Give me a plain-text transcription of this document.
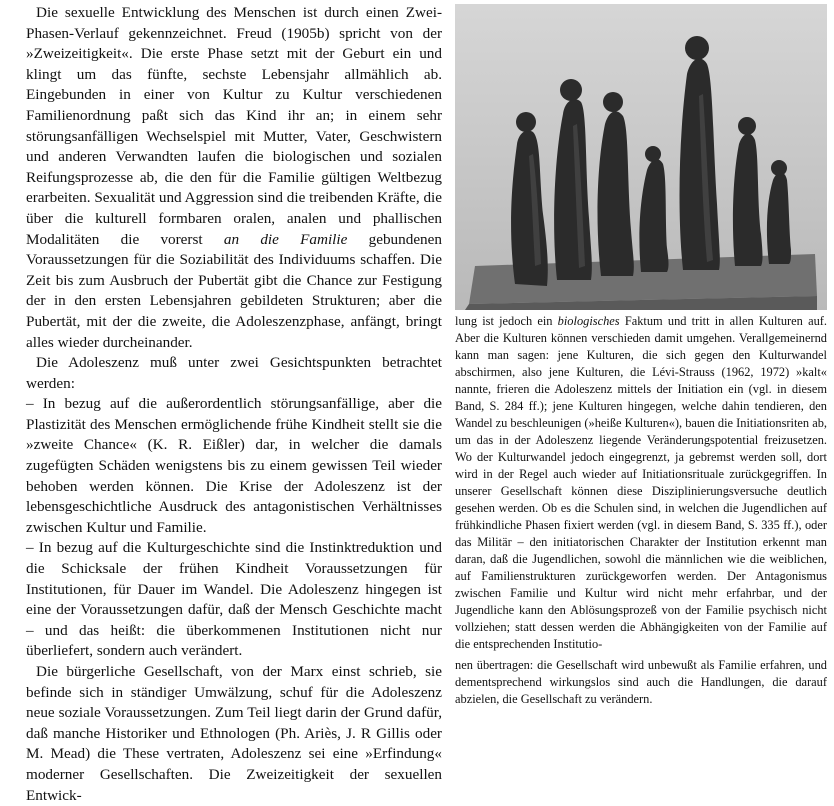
Die sexuelle Entwicklung des Menschen ist durch einen Zwei-Phasen-Verlauf gekennzeichnet. Freud (1905b) spricht von der »Zweizeitigkeit«. Die erste Phase setzt mit der Geburt ein und klingt um das fünfte, sechste Lebensjahr allmählich ab. Eingebunden in einer von Kultur zu Kultur verschiedenen Familienordnung paßt sich das Kind ihr an; in einem sehr störungsanfälligen Wechselspiel mit Mutter, Vater, Geschwistern und anderen Verwandten laufen die biologischen und sozialen Reifungsprozesse ab, die den für die Familie gültigen Weltbezug erarbeiten. Sexualität und Aggression sind die treibenden Kräfte, die über die kulturell formbaren oralen, analen und phallischen Modalitäten die vorerst an die Familie gebundenen Voraussetzungen für die Soziabilität des Individuums schaffen. Die Zeit bis zum Ausbruch der Pubertät gibt die Chance zur Festigung der in den ersten Lebensjahren gebildeten Strukturen; aber die Pubertät, mit der die zweite, die Adoleszenzphase, anfängt, bringt alles wieder durcheinander.

Die Adoleszenz muß unter zwei Gesichtspunkten betrachtet werden:

– In bezug auf die außerordentlich störungsanfällige, aber die Plastizität des Menschen ermöglichende frühe Kindheit stellt sie die »zweite Chance« (K. R. Eißler) dar, in welcher die damals zugefügten Schäden wenigstens bis zu einem gewissen Teil wieder behoben werden können. Die Krise der Adoleszenz ist der lebensgeschichtliche Ausdruck des antagonistischen Verhältnisses zwischen Kultur und Familie.

– In bezug auf die Kulturgeschichte sind die Instinktreduktion und die Schicksale der frühen Kindheit Voraussetzungen für Institutionen, für Dauer im Wandel. Die Adoleszenz hingegen ist eine der Voraussetzungen dafür, daß der Mensch Geschichte macht – und das heißt: die überkommenen Institutionen nicht nur überliefert, sondern auch verändert.

Die bürgerliche Gesellschaft, von der Marx einst schrieb, sie befinde sich in ständiger Umwälzung, schuf für die Adoleszenz neue soziale Voraussetzungen. Zum Teil liegt darin der Grund dafür, daß manche Historiker und Ethnologen (Ph. Ariès, J. R Gillis oder M. Mead) die These vertraten, Adoleszenz sei eine »Erfindung« moderner Gesellschaften. Die Zweizeitigkeit der sexuellen Entwick-

lung ist jedoch ein biologisches Faktum und tritt in allen Kulturen auf. Aber die Kulturen können verschieden damit umgehen. Verallgemeinernd kann man sagen: jene Kulturen, die sich gegen den Kulturwandel abschirmen, also jene Kulturen, die Lévi-Strauss (1962, 1972) »kalt« nannte, frieren die Adoleszenz mittels der Initiation ein (vgl. in diesem Band, S. 284 ff.); jene Kulturen hingegen, welche dahin tendieren, den Wandel zu beschleunigen (»heiße Kulturen«), bauen die Initiationsriten ab, um das in der Adoleszenz liegende Veränderungspotential freizusetzen. Wo der Kulturwandel jedoch eingegrenzt, ja gebremst werden soll, dort wird in der Regel auch wieder auf Initiationsrituale zurückgegriffen. In unserer Gesellschaft können diese Disziplinierungsversuche deutlich gesehen werden. Ob es die Schulen sind, in welchen die Jugendlichen auf frühkindliche Phasen fixiert werden (vgl. in diesem Band, S. 335 ff.), oder das Militär – den initiatorischen Charakter der Institution erkennt man daran, daß die Jugendlichen, sowohl die männlichen wie die weiblichen, auf Familienstrukturen zurückgeworfen werden. Der Antagonismus zwischen Familie und Kultur wird nicht mehr erfahrbar, und der Jugendliche kann den Ablösungsprozeß von der Familie psychisch nicht vollziehen; statt dessen werden die Abhängigkeiten von der Familie auf die entsprechenden Institutio-

nen übertragen: die Gesellschaft wird unbewußt als Familie erfahren, und dementsprechend wirkungslos sind auch die Handlungen, die darauf abzielen, die Gesellschaft zu verändern.
